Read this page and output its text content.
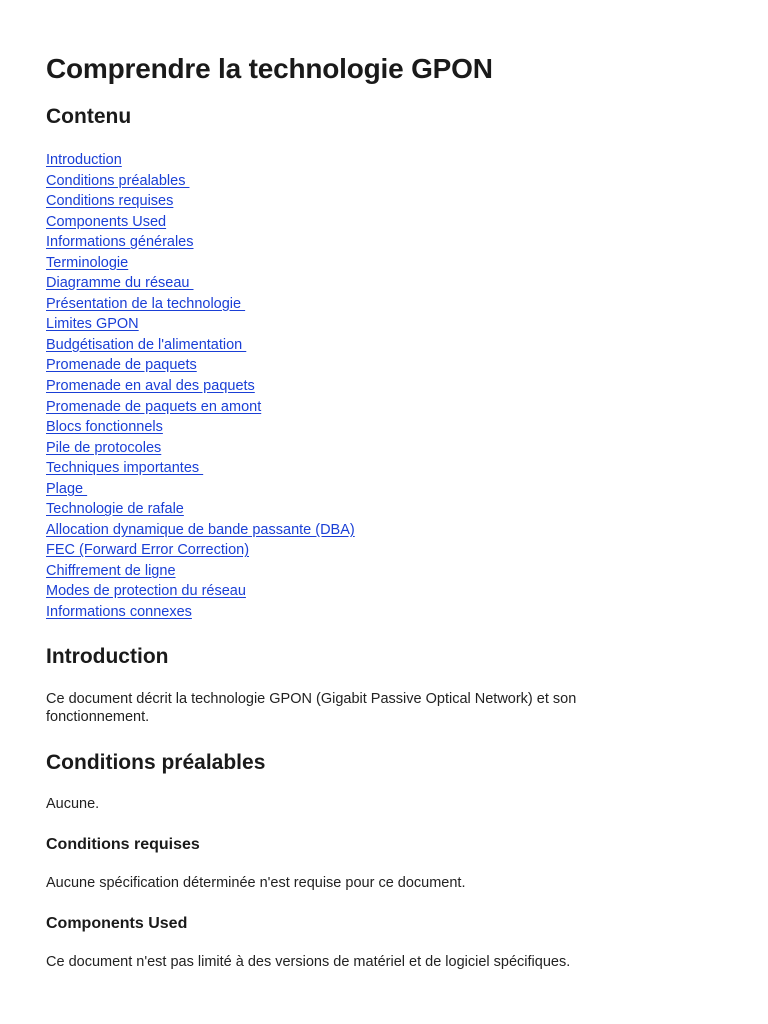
Comprendre la technologie GPON
Contenu
Introduction
Conditions préalables
Conditions requises
Components Used
Informations générales
Terminologie
Diagramme du réseau
Présentation de la technologie
Limites GPON
Budgétisation de l'alimentation
Promenade de paquets
Promenade en aval des paquets
Promenade de paquets en amont
Blocs fonctionnels
Pile de protocoles
Techniques importantes
Plage
Technologie de rafale
Allocation dynamique de bande passante (DBA)
FEC (Forward Error Correction)
Chiffrement de ligne
Modes de protection du réseau
Informations connexes
Introduction

Ce document décrit la technologie GPON (Gigabit Passive Optical Network) et son fonctionnement.

Conditions préalables

Aucune.

Conditions requises

Aucune spécification déterminée n'est requise pour ce document.

Components Used

Ce document n'est pas limité à des versions de matériel et de logiciel spécifiques.
